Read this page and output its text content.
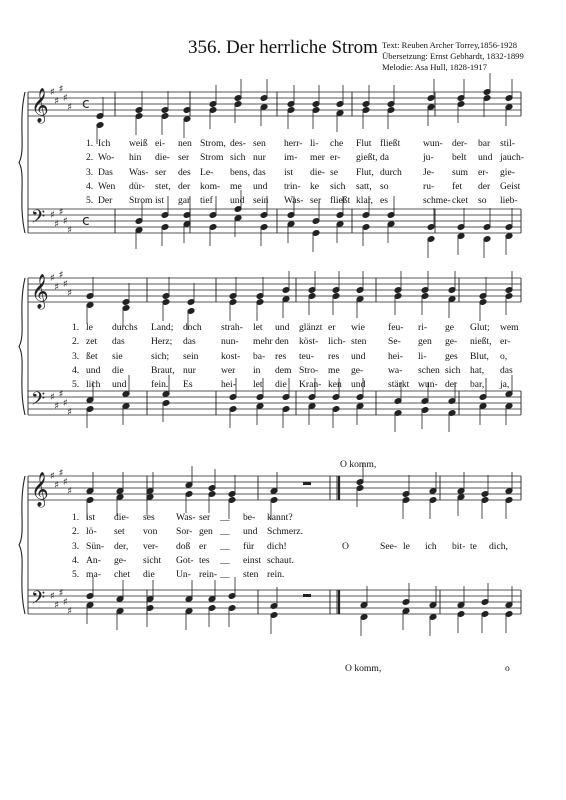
356. Der herrliche Strom Text: Reuben Archer Torrey,1856-1928
Übersetzung: Ernst Gebhardt, 1832-1899
Melodie: Asa Hull, 1828-1917
𝄞
𝄢
♯
♯
♯
♯
♯
♯
♯
♯
♯
♯
c
c
𝄞
𝄢
♯
♯
♯
♯
♯
♯
♯
♯
♯
♯
𝄞
𝄢
♯
♯
♯
♯
♯
♯
♯
♯
♯
♯
1. Ich weiß ei- nen Strom, des- sen herr- li- che Flut fließt wun- der- bar stil-
2. Wo- hin die- ser Strom sich nur im- mer er- gießt, da	ju- belt und jauch-
3. Das Was- ser des Le- bens, das ist die- se Flut, durch Je- sum er- gie-
4. Wen dür- stet, der kom- me und trin- ke sich satt, so	ru- fet der Geist
5. Der Strom ist gar tief und sein Was- ser fließt klar, es	schme- cket so lieb-
1. le durchs Land; doch strah- let und glänzt er wie feu- ri- ge Glut; wem
2. zet das	Herz; das	nun- mehr den köst- lich- sten Se- gen ge- nießt, er-
3. ßet sie	sich; sein kost- ba- res teu- res und hei- li- ges Blut, o,
4. und die	Braut, nur	wer in dem Stro- me ge-	wa- schen sich hat, das
5. lich und	fein. Es	hei- let die Kran- ken und stärkt wun- der bar, ja,
1. ist die- ses Was- ser __ be- kannt?
2. lö- set von Sor- gen __ und Schmerz.
3. Sün- der, ver- doß er __ für dich!	O	See- le ich bit- te dich,
4. An- ge- sicht Got- tes __ einst schaut.
5. ma- chet die Un- rein- __ sten rein.
O komm,
O komm,	o
